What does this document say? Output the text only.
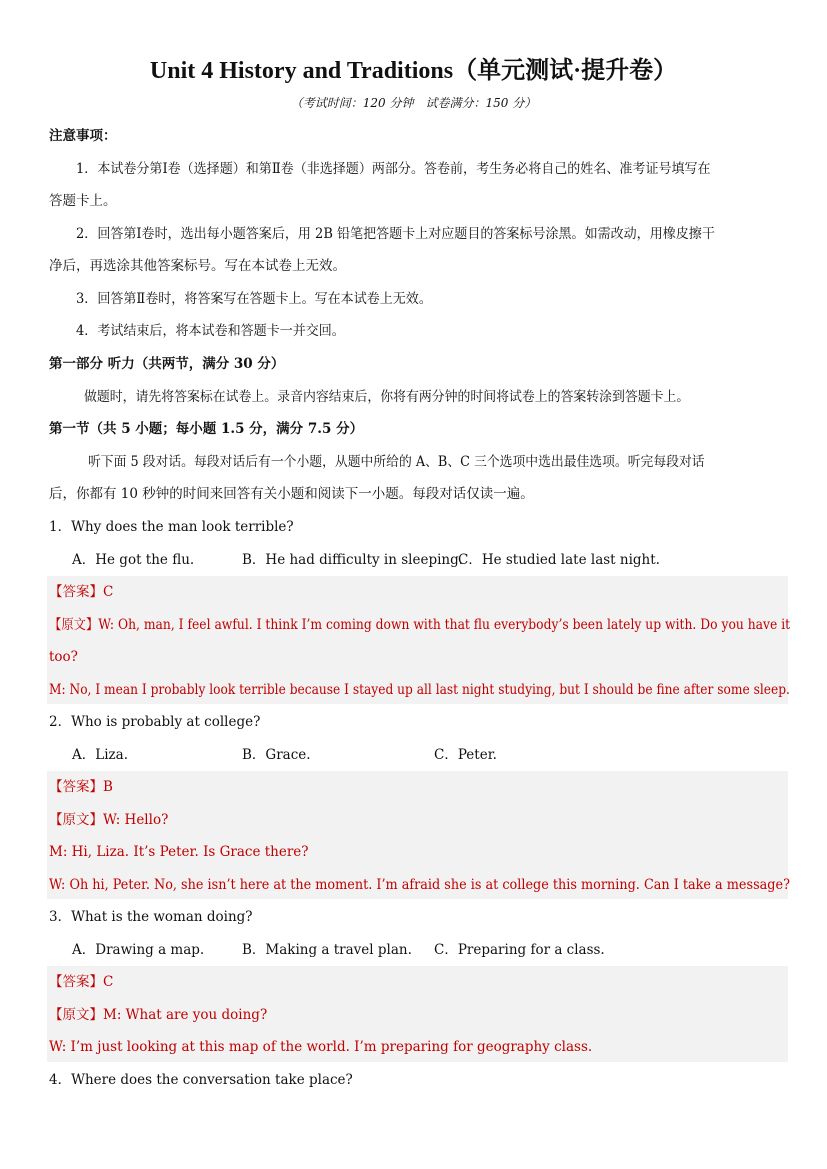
Unit 4 History and Traditions（单元测试·提升卷）
（考试时间：120 分钟　试卷满分：150 分）
注意事项：
1．本试卷分第Ⅰ卷（选择题）和第Ⅱ卷（非选择题）两部分。答卷前，考生务必将自己的姓名、准考证号填写在
答题卡上。
2．回答第Ⅰ卷时，选出每小题答案后，用 2B 铅笔把答题卡上对应题目的答案标号涂黑。如需改动，用橡皮擦干
净后，再选涂其他答案标号。写在本试卷上无效。
3．回答第Ⅱ卷时，将答案写在答题卡上。写在本试卷上无效。
4．考试结束后，将本试卷和答题卡一并交回。
第一部分 听力（共两节，满分 30 分）
做题时，请先将答案标在试卷上。录音内容结束后，你将有两分钟的时间将试卷上的答案转涂到答题卡上。
第一节（共 5 小题；每小题 1.5 分，满分 7.5 分）
听下面 5 段对话。每段对话后有一个小题，从题中所给的 A、B、C 三个选项中选出最佳选项。听完每段对话
后，你都有 10 秒钟的时间来回答有关小题和阅读下一小题。每段对话仅读一遍。
1．Why does the man look terrible?
A．He got the flu.	B．He had difficulty in sleeping.
C．He studied late last night.
【答案】C
【原文】W: Oh, man, I feel awful. I think I’m coming down with that flu everybody’s been lately up with. Do you have it
too?
M: No, I mean I probably look terrible because I stayed up all last night studying, but I should be fine after some sleep.
2．Who is probably at college?
A．Liza.	B．Grace.	C．Peter.
【答案】B
【原文】W: Hello?
M: Hi, Liza. It’s Peter. Is Grace there?
W: Oh hi, Peter. No, she isn’t here at the moment. I’m afraid she is at college this morning. Can I take a message?
3．What is the woman doing?
A．Drawing a map.	B．Making a travel plan. C．Preparing for a class.
【答案】C
【原文】M: What are you doing?
W: I’m just looking at this map of the world. I’m preparing for geography class.
4．Where does the conversation take place?
